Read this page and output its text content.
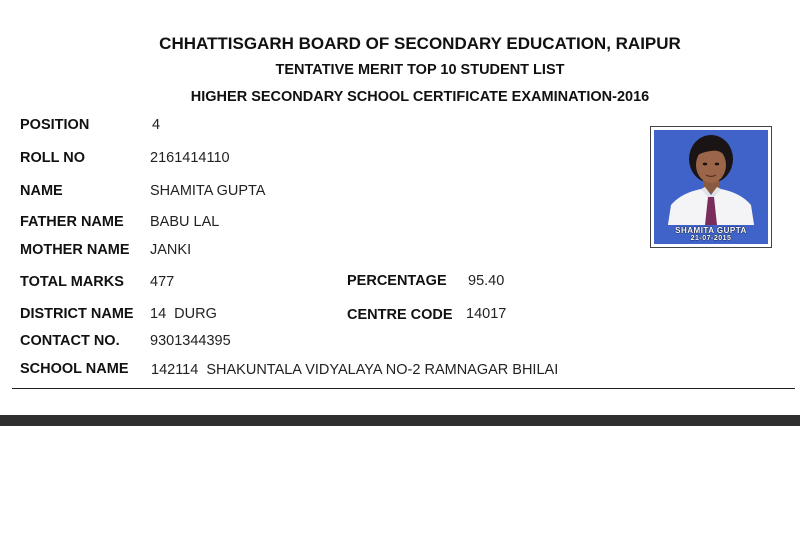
CHHATTISGARH BOARD OF SECONDARY EDUCATION, RAIPUR
TENTATIVE MERIT TOP 10 STUDENT LIST
HIGHER SECONDARY SCHOOL CERTIFICATE EXAMINATION-2016
POSITION	4
ROLL NO	2161414110
NAME	SHAMITA GUPTA
FATHER NAME BABU LAL
MOTHER NAME JANKI
TOTAL MARKS 477	PERCENTAGE 95.40
DISTRICT NAME 14  DURG	CENTRE CODE 14017
CONTACT NO. 9301344395
SCHOOL NAME 142114  SHAKUNTALA VIDYALAYA NO-2 RAMNAGAR BHILAI
SHAMITA GUPTA
21-07-2015
